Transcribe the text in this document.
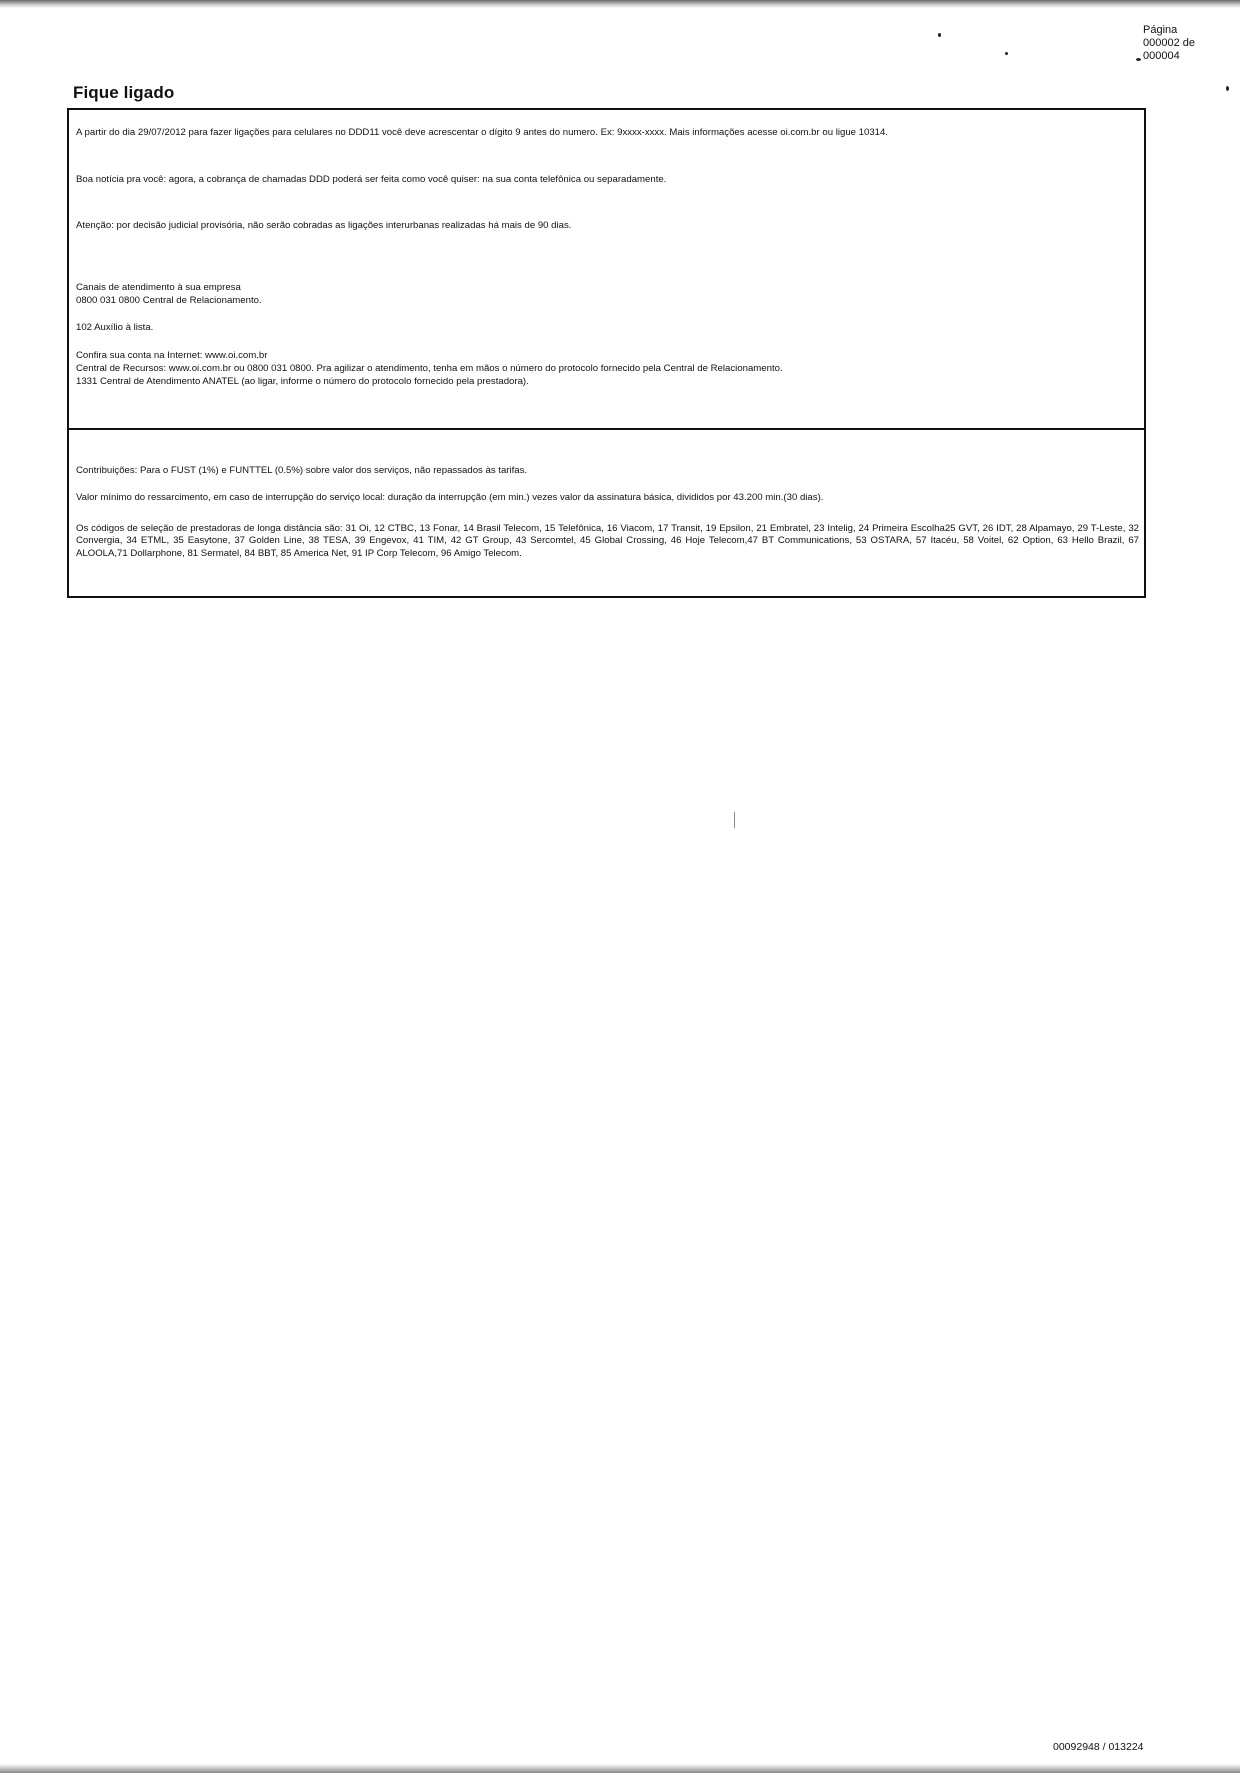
Página
000002 de
000004
Fique ligado
A partir do dia 29/07/2012 para fazer ligações para celulares no DDD11 você deve acrescentar o dígito 9 antes do numero. Ex: 9xxxx-xxxx. Mais informações acesse oi.com.br ou ligue 10314.
Boa notícia pra você: agora, a cobrança de chamadas DDD poderá ser feita como você quiser: na sua conta telefônica ou separadamente.
Atenção: por decisão judicial provisória, não serão cobradas as ligações interurbanas realizadas há mais de 90 dias.
Canais de atendimento à sua empresa
0800 031 0800 Central de Relacionamento.
102 Auxílio à lista.
Confira sua conta na Internet: www.oi.com.br
Central de Recursos: www.oi.com.br ou 0800 031 0800. Pra agilizar o atendimento, tenha em mãos o número do protocolo fornecido pela Central de Relacionamento.
1331 Central de Atendimento ANATEL (ao ligar, informe o número do protocolo fornecido pela prestadora).
Contribuições: Para o FUST (1%) e FUNTTEL (0.5%) sobre valor dos serviços, não repassados às tarifas.
Valor mínimo do ressarcimento, em caso de interrupção do serviço local: duração da interrupção (em min.) vezes valor da assinatura básica, divididos por 43.200 min.(30 dias).
Os códigos de seleção de prestadoras de longa distância são: 31 Oi, 12 CTBC, 13 Fonar, 14 Brasil Telecom, 15 Telefônica, 16 Viacom, 17 Transit, 19 Epsilon, 21 Embratel, 23 Intelig, 24 Primeira Escolha25 GVT, 26 IDT, 28 Alpamayo, 29 T-Leste, 32 Convergia, 34 ETML, 35 Easytone, 37 Golden Line, 38 TESA, 39 Engevox, 41 TIM, 42 GT Group, 43 Sercomtel, 45 Global Crossing, 46 Hoje Telecom,47 BT Communications, 53 OSTARA, 57 Itacéu, 58 Voitel, 62 Option, 63 Hello Brazil, 67 ALOOLA,71 Dollarphone, 81 Sermatel, 84 BBT, 85 America Net, 91 IP Corp Telecom, 96 Amigo Telecom.
00092948 / 013224
